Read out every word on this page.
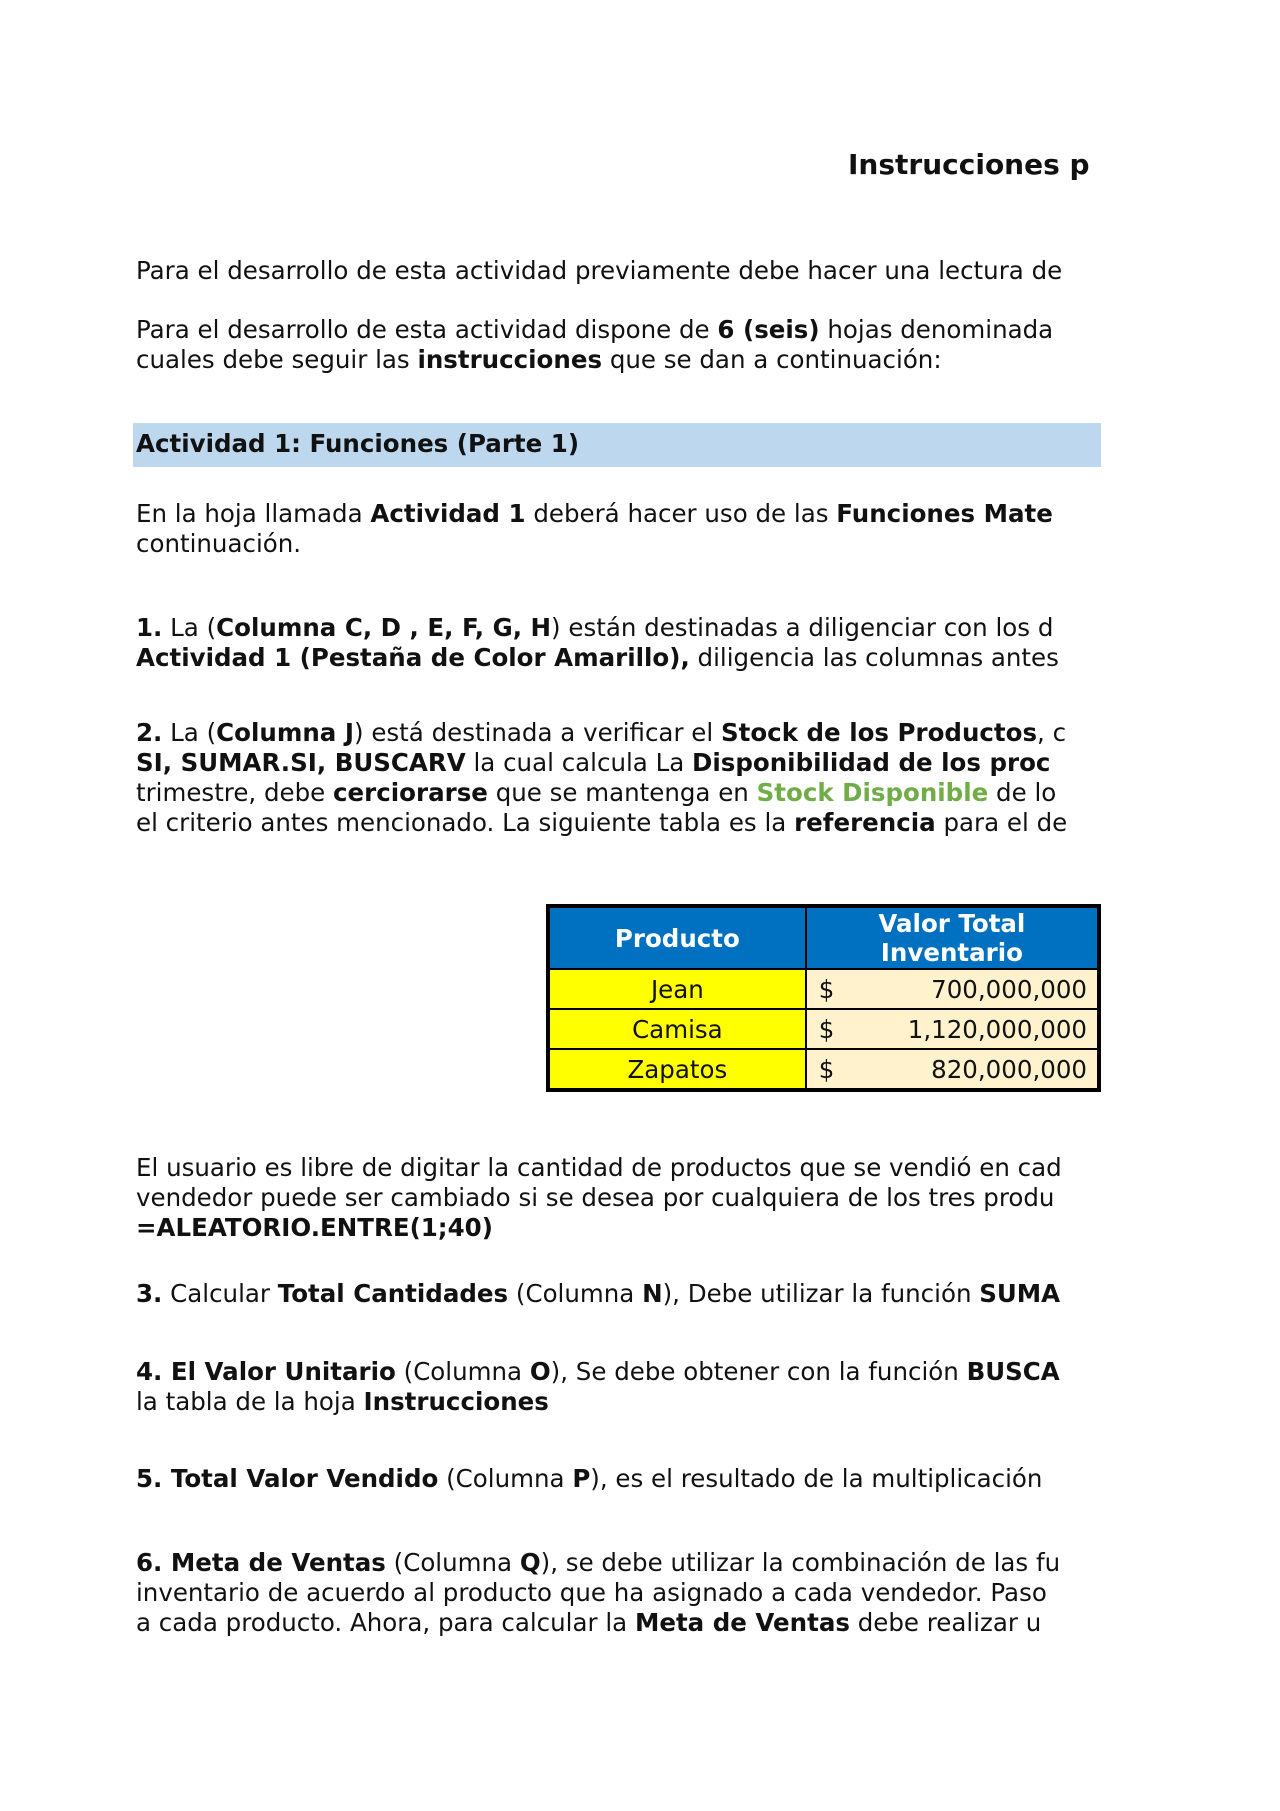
Instrucciones p
Para el desarrollo de esta actividad previamente debe hacer una lectura de
Para el desarrollo de esta actividad dispone de 6 (seis) hojas denominada
cuales debe seguir las instrucciones que se dan a continuación:
Actividad 1: Funciones (Parte 1)
En la hoja llamada Actividad 1 deberá hacer uso de las Funciones Mate
continuación.
1. La (Columna C, D , E, F, G, H) están destinadas a diligenciar con los d
Actividad 1 (Pestaña de Color Amarillo), diligencia las columnas antes
2. La (Columna J) está destinada a verificar el Stock de los Productos, c
SI, SUMAR.SI, BUSCARV la cual calcula La Disponibilidad de los proc
trimestre, debe cerciorarse que se mantenga en Stock Disponible de lo
el criterio antes mencionado. La siguiente tabla es la referencia para el de
Producto	Valor Total
Inventario

Jean	$ 700,000,000

Camisa	$ 1,120,000,000

Zapatos	$ 820,000,000
El usuario es libre de digitar la cantidad de productos que se vendió en cad
vendedor puede ser cambiado si se desea por cualquiera de los tres produ
=ALEATORIO.ENTRE(1;40)
3. Calcular Total Cantidades (Columna N), Debe utilizar la función SUMA
4. El Valor Unitario (Columna O), Se debe obtener con la función BUSCA
la tabla de la hoja Instrucciones
5. Total Valor Vendido (Columna P), es el resultado de la multiplicación
6. Meta de Ventas (Columna Q), se debe utilizar la combinación de las fu
inventario de acuerdo al producto que ha asignado a cada vendedor. Paso
a cada producto. Ahora, para calcular la Meta de Ventas debe realizar u
